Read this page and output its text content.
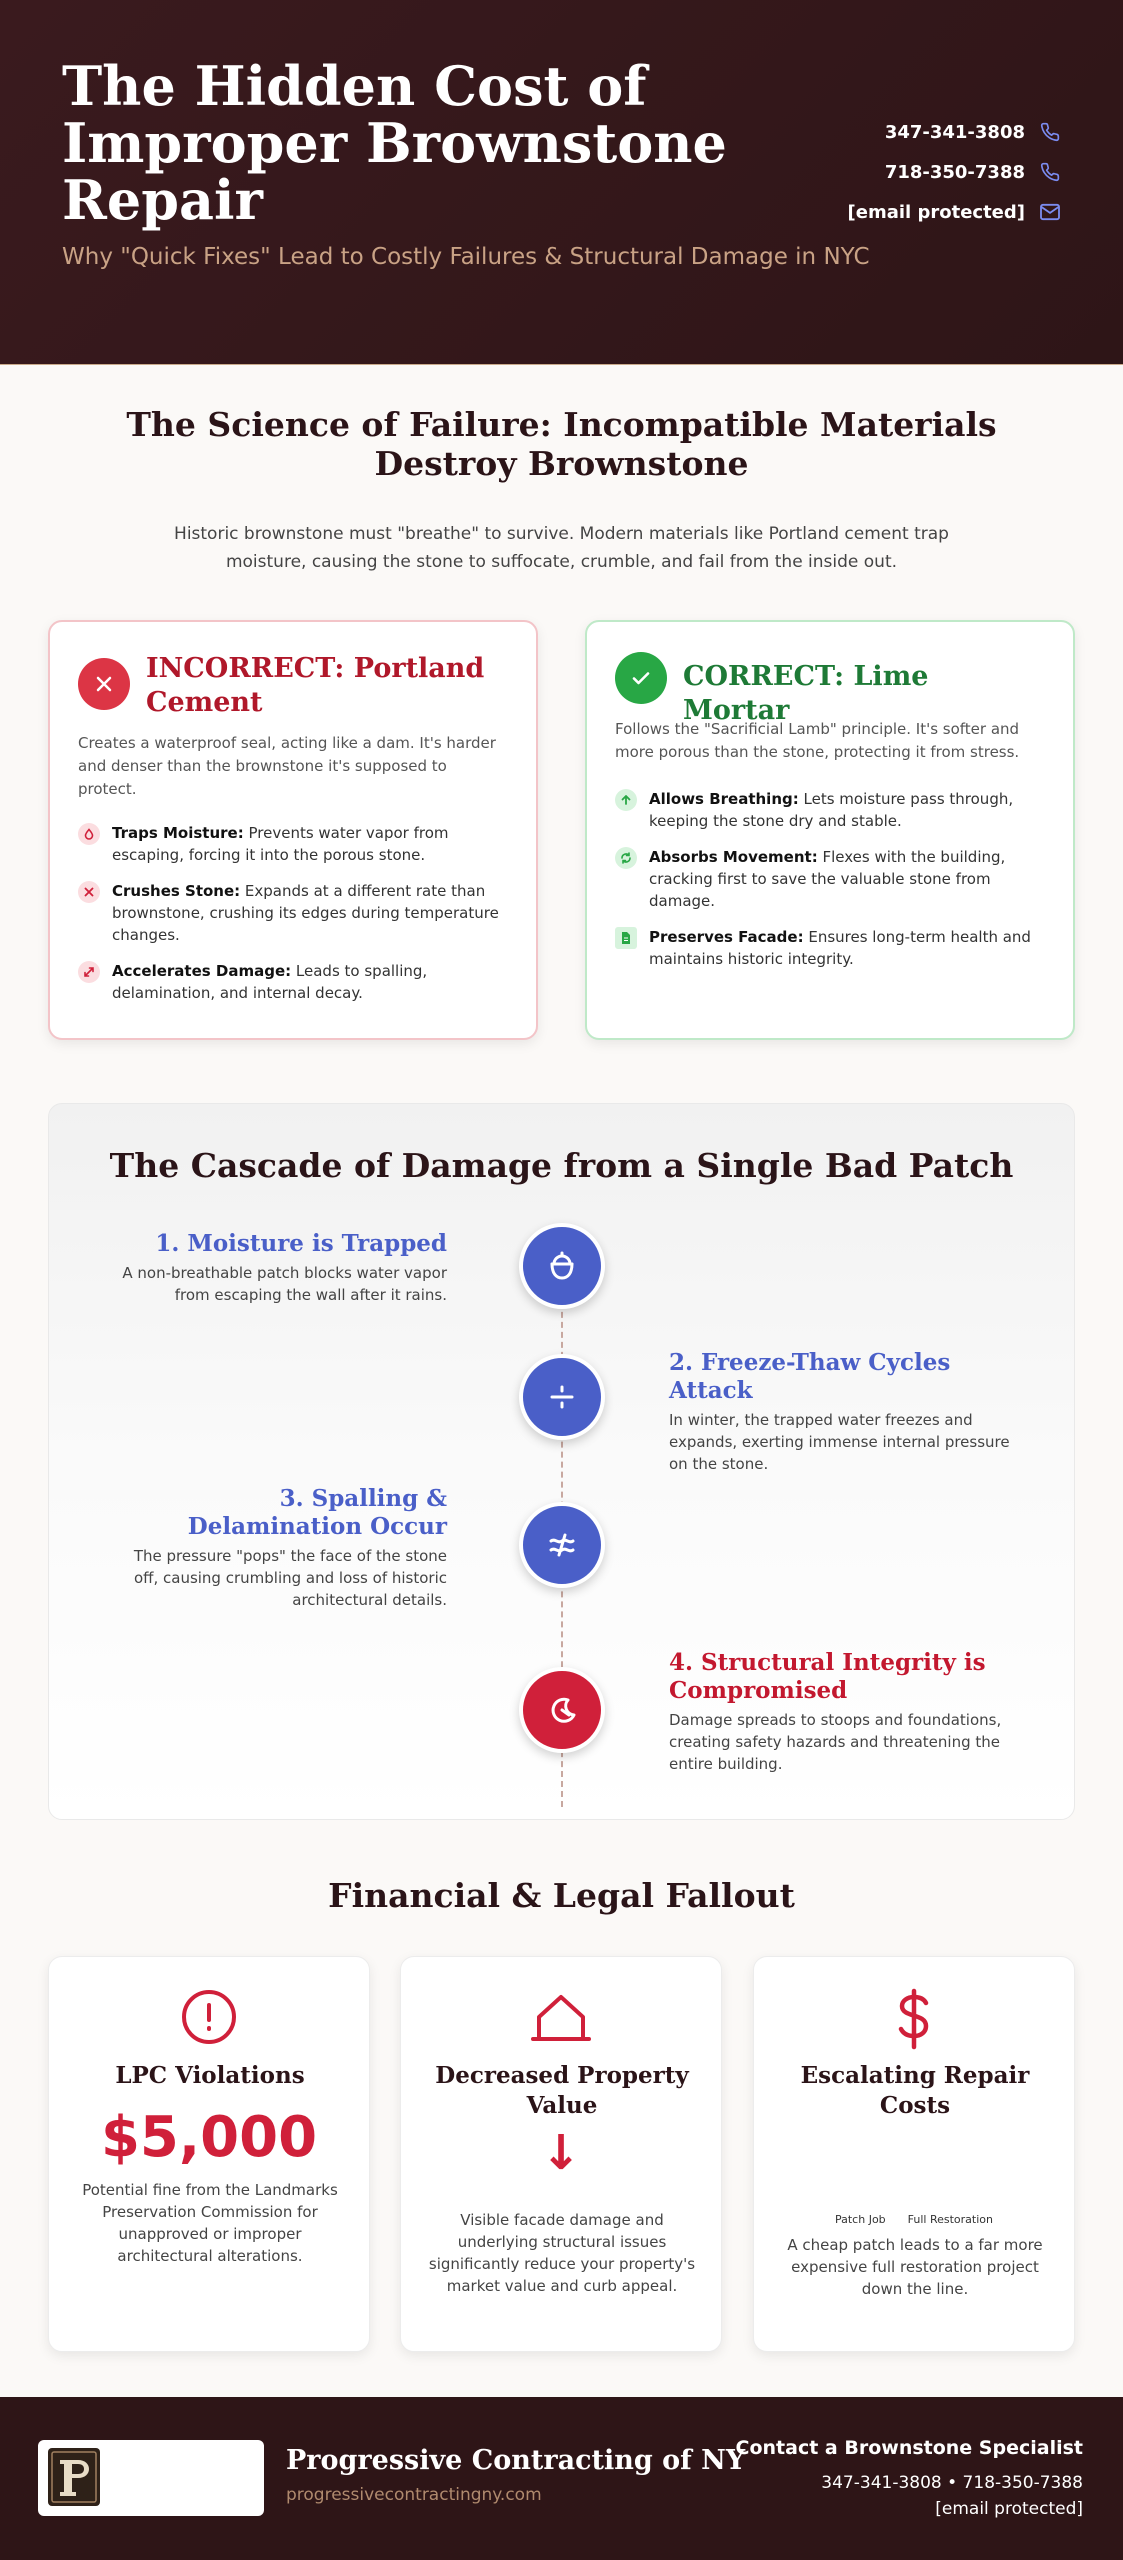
The Hidden Cost of Improper Brownstone Repair
Why "Quick Fixes" Lead to Costly Failures & Structural Damage in NYC
347-341-3808
718-350-7388
[email protected]
The Science of Failure: Incompatible Materials Destroy Brownstone
Historic brownstone must "breathe" to survive. Modern materials like Portland cement trap moisture, causing the stone to suffocate, crumble, and fail from the inside out.
INCORRECT: Portland Cement
Creates a waterproof seal, acting like a dam. It's harder and denser than the brownstone it's supposed to protect.
Traps Moisture: Prevents water vapor from escaping, forcing it into the porous stone.
Crushes Stone: Expands at a different rate than brownstone, crushing its edges during temperature changes.
Accelerates Damage: Leads to spalling, delamination, and internal decay.
CORRECT: Lime Mortar
Follows the "Sacrificial Lamb" principle. It's softer and more porous than the stone, protecting it from stress.
Allows Breathing: Lets moisture pass through, keeping the stone dry and stable.
Absorbs Movement: Flexes with the building, cracking first to save the valuable stone from damage.
Preserves Facade: Ensures long-term health and maintains historic integrity.
The Cascade of Damage from a Single Bad Patch
1. Moisture is Trapped
A non-breathable patch blocks water vapor from escaping the wall after it rains.
2. Freeze-Thaw Cycles Attack
In winter, the trapped water freezes and expands, exerting immense internal pressure on the stone.
3. Spalling & Delamination Occur
The pressure "pops" the face of the stone off, causing crumbling and loss of historic architectural details.
4. Structural Integrity is Compromised
Damage spreads to stoops and foundations, creating safety hazards and threatening the entire building.
Financial & Legal Fallout
LPC Violations
$5,000
Potential fine from the Landmarks Preservation Commission for unapproved or improper architectural alterations.
Decreased Property Value
↓
Visible facade damage and underlying structural issues significantly reduce your property's market value and curb appeal.
Escalating Repair Costs
Patch Job Full Restoration
A cheap patch leads to a far more expensive full restoration project down the line.
Progressive Contracting of NY
progressivecontractingny.com
Contact a Brownstone Specialist
347-341-3808 • 718-350-7388
[email protected]
